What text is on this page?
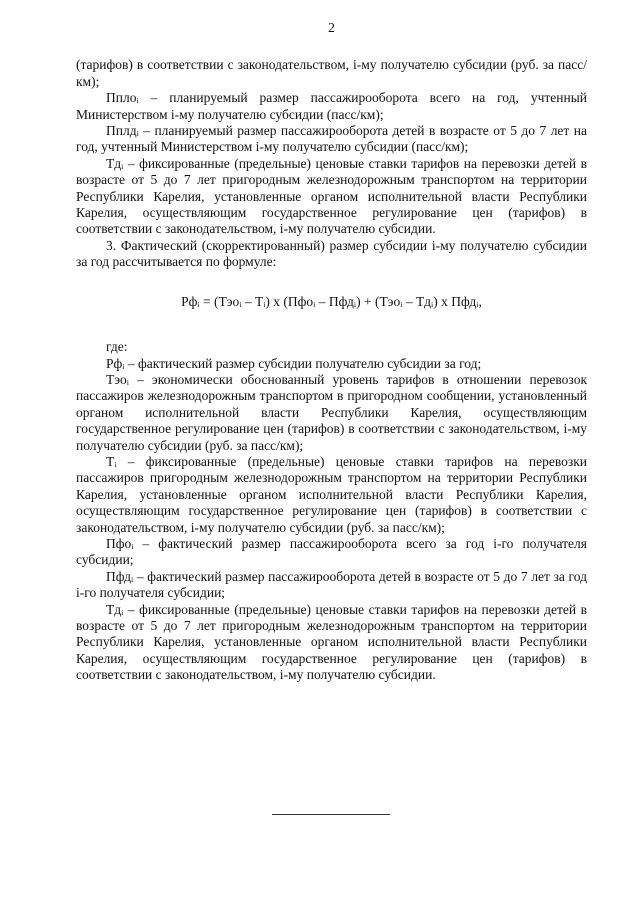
2

(тарифов) в соответствии с законодательством, i-му получателю субсидии (руб. за пасс/км);

Пплоᵢ – планируемый размер пассажирооборота всего на год, учтенный Министерством i-му получателю субсидии (пасс/км);

Пплдᵢ – планируемый размер пассажирооборота детей в возрасте от 5 до 7 лет на год, учтенный Министерством i-му получателю субсидии (пасс/км);

Тдᵢ – фиксированные (предельные) ценовые ставки тарифов на перевозки детей в возрасте от 5 до 7 лет пригородным железнодорожным транспортом на территории Республики Карелия, установленные органом исполнительной власти Республики Карелия, осуществляющим государственное регулирование цен (тарифов) в соответствии с законодательством, i-му получателю субсидии.

3. Фактический (скорректированный) размер субсидии i-му получателю субсидии за год рассчитывается по формуле:

Рфᵢ = (Тэоᵢ – Тᵢ) х (Пфоᵢ – Пфдᵢ) + (Тэоᵢ – Тдᵢ) х Пфдᵢ,

где:

Рфᵢ – фактический размер субсидии получателю субсидии за год;

Тэоᵢ – экономически обоснованный уровень тарифов в отношении перевозок пассажиров железнодорожным транспортом в пригородном сообщении, установленный органом исполнительной власти Республики Карелия, осуществляющим государственное регулирование цен (тарифов) в соответствии с законодательством, i-му получателю субсидии (руб. за пасс/км);

Тᵢ – фиксированные (предельные) ценовые ставки тарифов на перевозки пассажиров пригородным железнодорожным транспортом на территории Республики Карелия, установленные органом исполнительной власти Республики Карелия, осуществляющим государственное регулирование цен (тарифов) в соответствии с законодательством, i-му получателю субсидии (руб. за пасс/км);

Пфоᵢ – фактический размер пассажирооборота всего за год i-го получателя субсидии;

Пфдᵢ – фактический размер пассажирооборота детей в возрасте от 5 до 7 лет за год i-го получателя субсидии;

Тдᵢ – фиксированные (предельные) ценовые ставки тарифов на перевозки детей в возрасте от 5 до 7 лет пригородным железнодорожным транспортом на территории Республики Карелия, установленные органом исполнительной власти Республики Карелия, осуществляющим государственное регулирование цен (тарифов) в соответствии с законодательством, i-му получателю субсидии.
